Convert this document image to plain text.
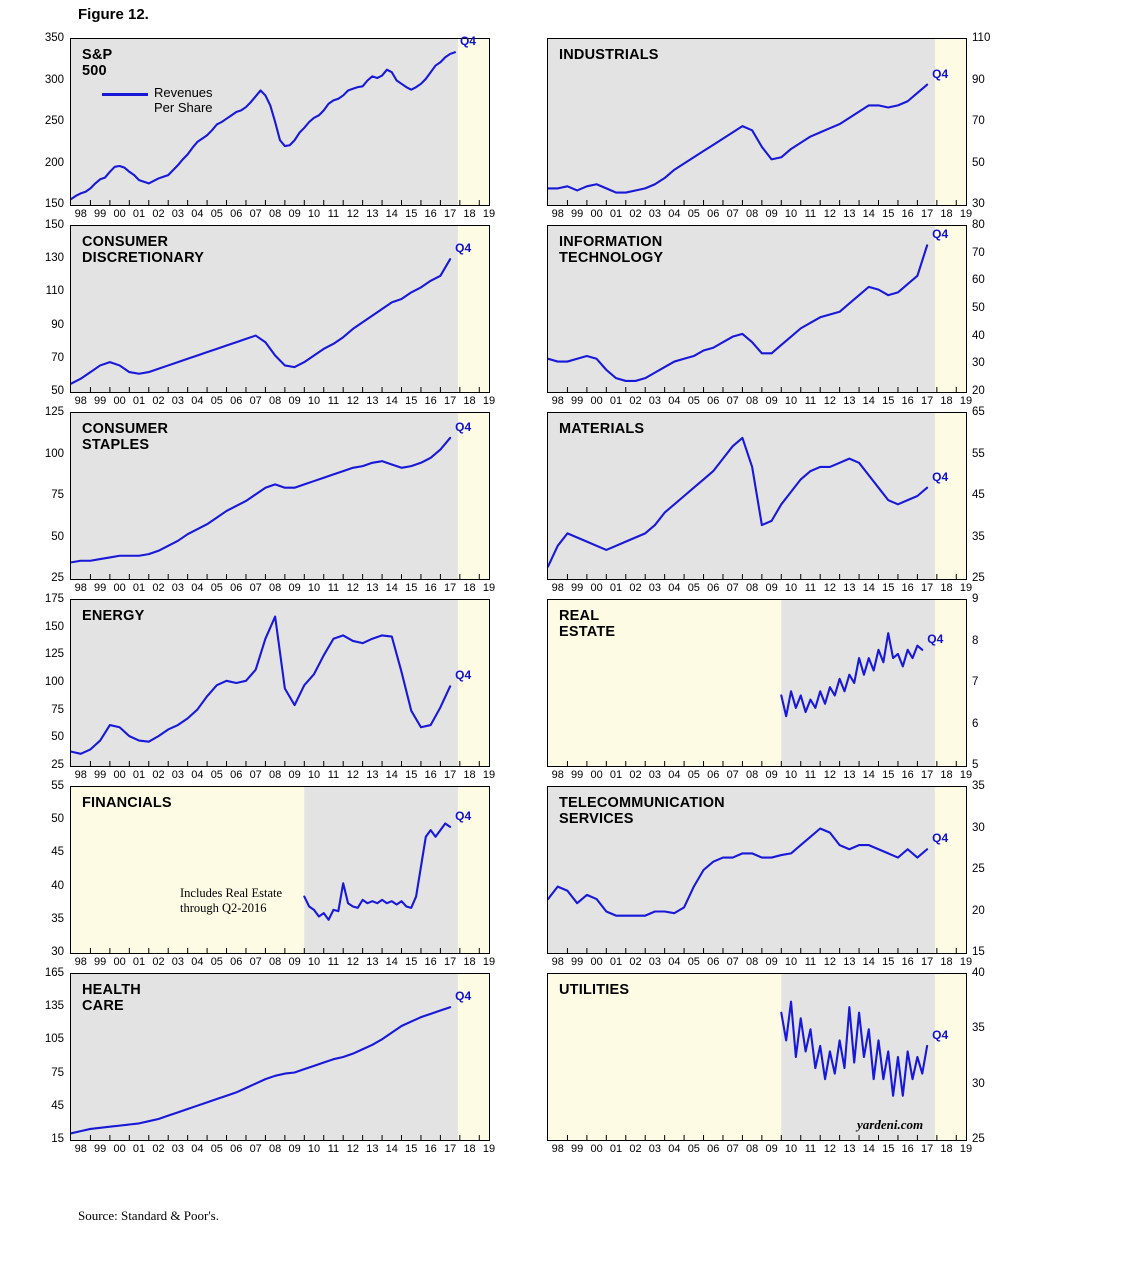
Figure 12.
Source: Standard & Poor's.
S&P 500
150
200
250
300
350
98 99 00 01 02 03 04 05 06 07 08 09 10 11 12 13 14 15 16 17 18 19
Q4
Revenues Per Share
INDUSTRIALS
30
50
70
90
110
98 99 00 01 02 03 04 05 06 07 08 09 10 11 12 13 14 15 16 17 18 19
Q4
CONSUMER DISCRETIONARY
50
70
90
110
130
150
98 99 00 01 02 03 04 05 06 07 08 09 10 11 12 13 14 15 16 17 18 19
Q4	INFORMATION TECHNOLOGY
20
30
40
50
60
70
80
98 99 00 01 02 03 04 05 06 07 08 09 10 11 12 13 14 15 16 17 18 19
Q4
CONSUMER STAPLES
25
50
75
100
125
98 99 00 01 02 03 04 05 06 07 08 09 10 11 12 13 14 15 16 17 18 19
Q4	MATERIALS
25
35
45
55
65
98 99 00 01 02 03 04 05 06 07 08 09 10 11 12 13 14 15 16 17 18 19
Q4
ENERGY
25
50
75
100
125
150
175
98 99 00 01 02 03 04 05 06 07 08 09 10 11 12 13 14 15 16 17 18 19
Q4
REAL ESTATE
5
6
7
8
9
98 99 00 01 02 03 04 05 06 07 08 09 10 11 12 13 14 15 16 17 18 19
Q4
FINANCIALS
30
35
40
45
50
55
98 99 00 01 02 03 04 05 06 07 08 09 10 11 12 13 14 15 16 17 18 19
Q4
Includes Real Estate through Q2-2016
TELECOMMUNICATION SERVICES
15
20
25
30
35
98 99 00 01 02 03 04 05 06 07 08 09 10 11 12 13 14 15 16 17 18 19
Q4
HEALTH CARE
15
45
75
105
135
165
98 99 00 01 02 03 04 05 06 07 08 09 10 11 12 13 14 15 16 17 18 19
Q4	UTILITIES
25
30
35
40
98 99 00 01 02 03 04 05 06 07 08 09 10 11 12 13 14 15 16 17 18 19
Q4
yardeni.com
